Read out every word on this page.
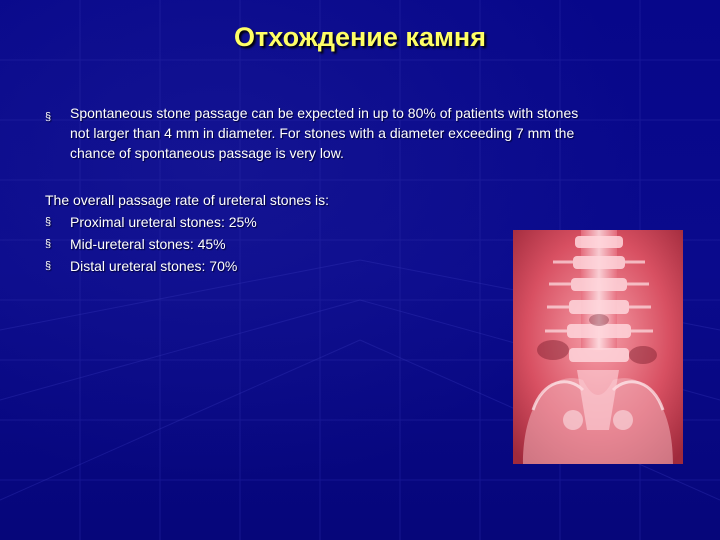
Отхождение камня
§ Spontaneous stone passage can be expected in up to 80% of patients with stones not larger than 4 mm in diameter. For stones with a diameter exceeding 7 mm the chance of spontaneous passage is very low.
The overall passage rate of ureteral stones is:
§ Proximal ureteral stones: 25%
§ Mid-ureteral stones: 45%
§ Distal ureteral stones: 70%
